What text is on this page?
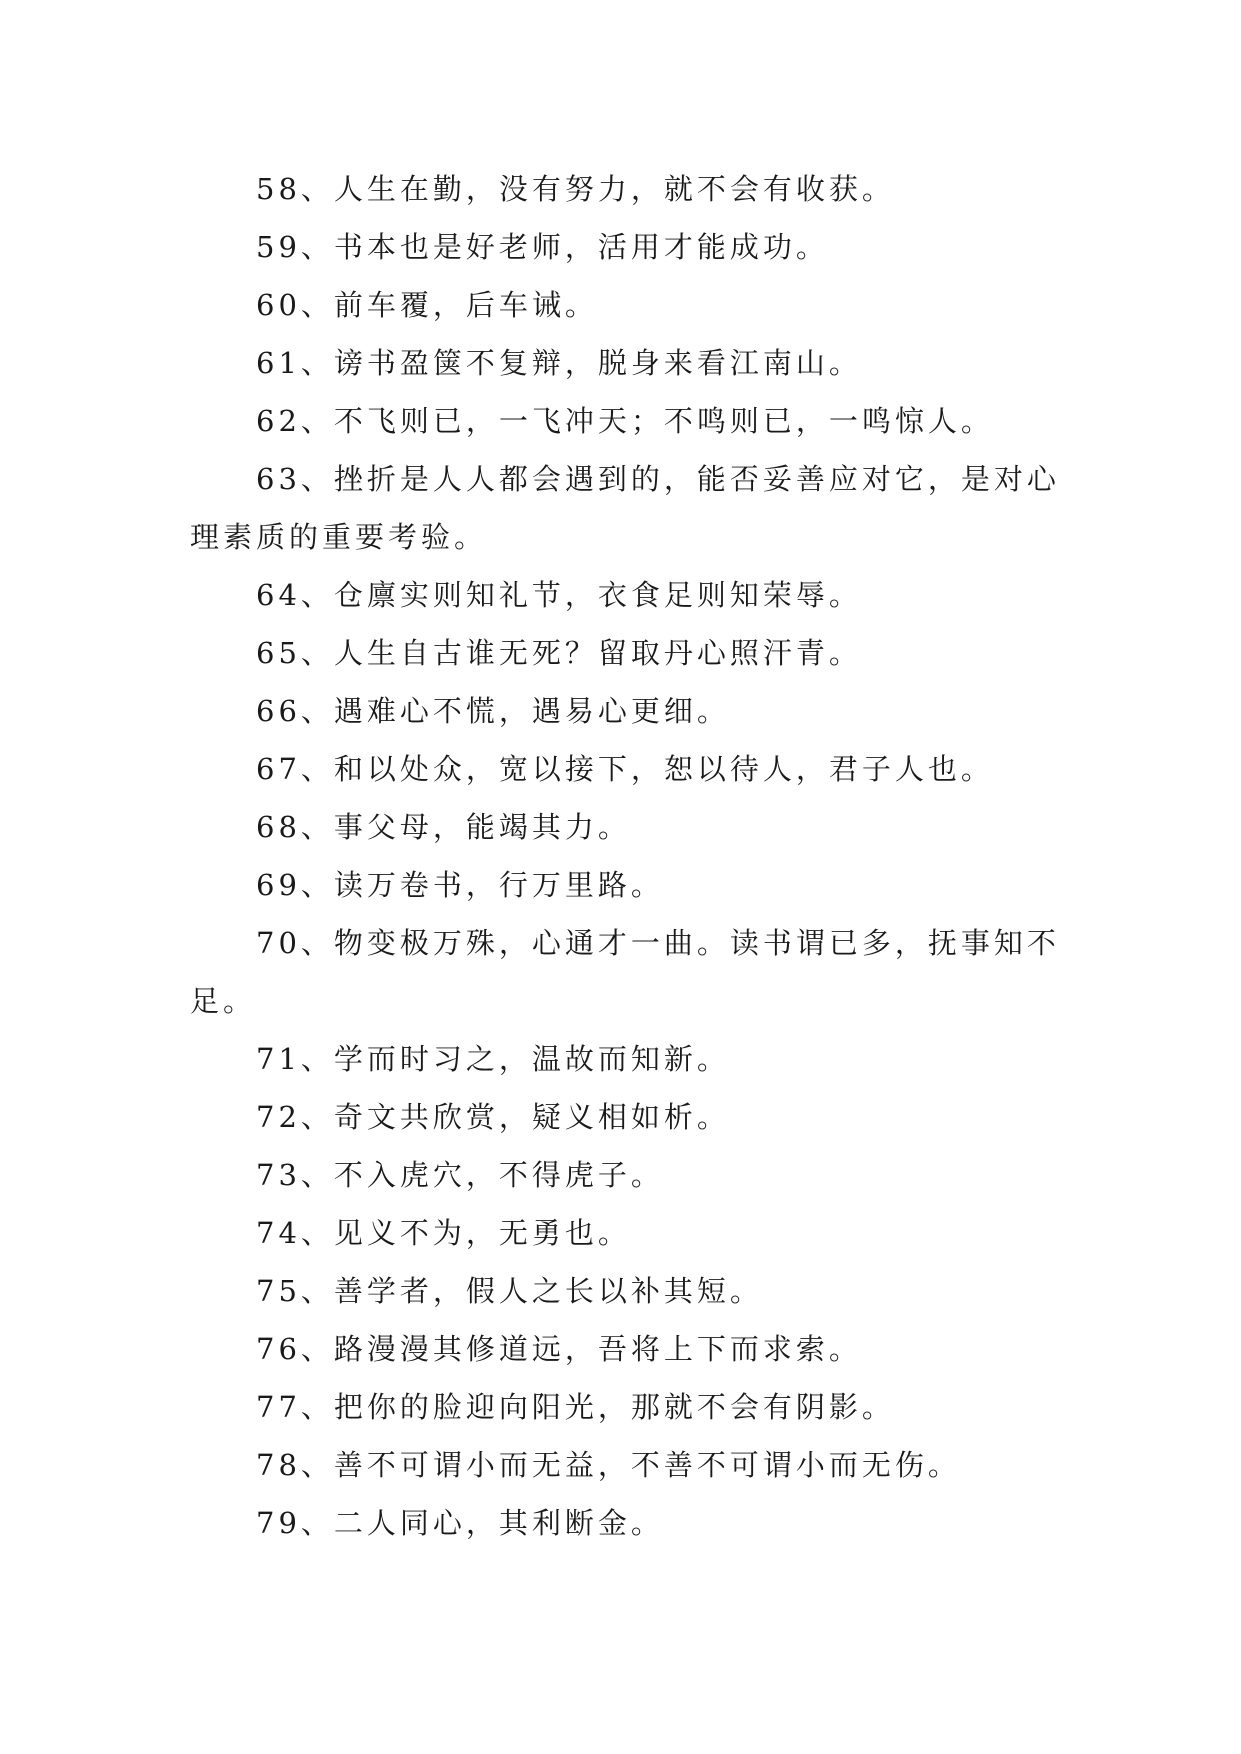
58、人生在勤，没有努力，就不会有收获。

59、书本也是好老师，活用才能成功。

60、前车覆，后车诫。

61、谤书盈箧不复辩，脱身来看江南山。

62、不飞则已，一飞冲天；不鸣则已，一鸣惊人。

63、挫折是人人都会遇到的，能否妥善应对它，是对心理素质的重要考验。

64、仓廪实则知礼节，衣食足则知荣辱。

65、人生自古谁无死？留取丹心照汗青。

66、遇难心不慌，遇易心更细。

67、和以处众，宽以接下，恕以待人，君子人也。

68、事父母，能竭其力。

69、读万卷书，行万里路。

70、物变极万殊，心通才一曲。读书谓已多，抚事知不足。

71、学而时习之，温故而知新。

72、奇文共欣赏，疑义相如析。

73、不入虎穴，不得虎子。

74、见义不为，无勇也。

75、善学者，假人之长以补其短。

76、路漫漫其修道远，吾将上下而求索。

77、把你的脸迎向阳光，那就不会有阴影。

78、善不可谓小而无益，不善不可谓小而无伤。

79、二人同心，其利断金。
